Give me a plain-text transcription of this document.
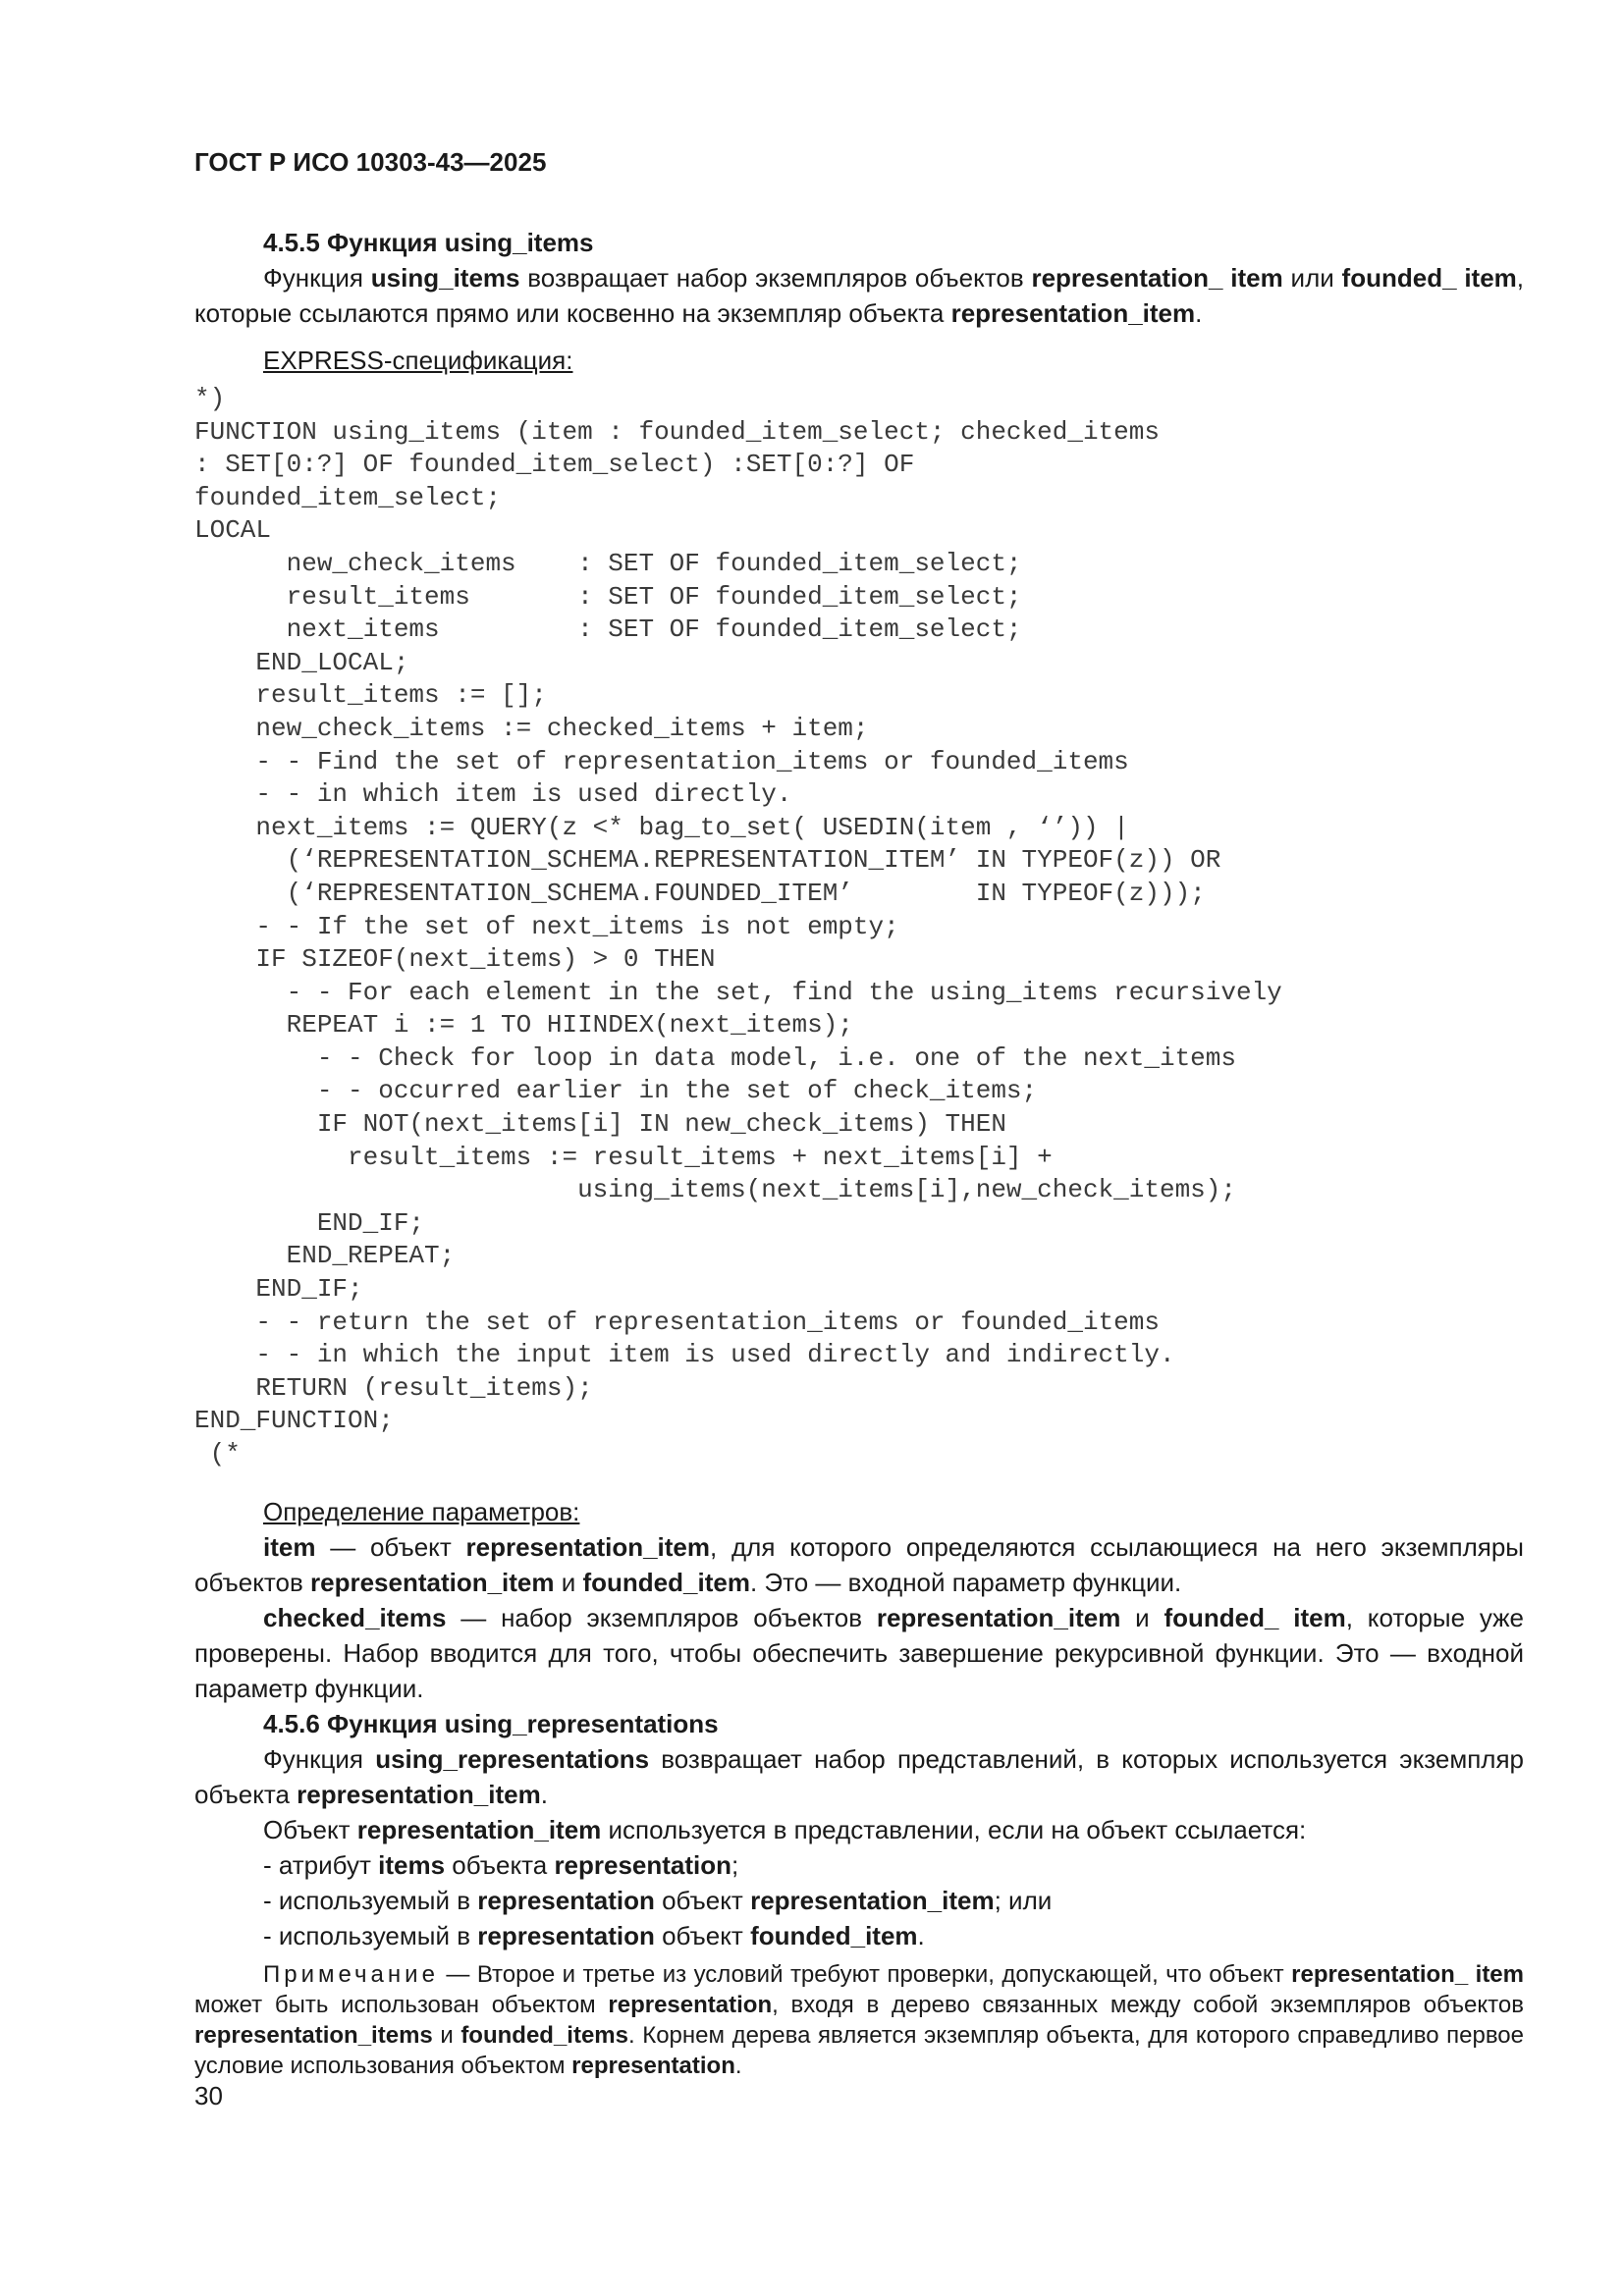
ГОСТ Р ИСО 10303-43—2025

4.5.5 Функция using_items

Функция using_items возвращает набор экземпляров объектов representation_ item или founded_ item, которые ссылаются прямо или косвенно на экземпляр объекта representation_item.

EXPRESS-спецификация:

*)
FUNCTION using_items (item : founded_item_select; checked_items
: SET[0:?] OF founded_item_select) :SET[0:?] OF
founded_item_select;
LOCAL
new_check_items    : SET OF founded_item_select;
result_items       : SET OF founded_item_select;
next_items         : SET OF founded_item_select;
END_LOCAL;
result_items := [];
new_check_items := checked_items + item;
- - Find the set of representation_items or founded_items
- - in which item is used directly.
next_items := QUERY(z <* bag_to_set( USEDIN(item , ‘’)) |
(‘REPRESENTATION_SCHEMA.REPRESENTATION_ITEM’ IN TYPEOF(z)) OR
(‘REPRESENTATION_SCHEMA.FOUNDED_ITEM’        IN TYPEOF(z)));
- - If the set of next_items is not empty;
IF SIZEOF(next_items) > 0 THEN
- - For each element in the set, find the using_items recursively
REPEAT i := 1 TO HIINDEX(next_items);
- - Check for loop in data model, i.e. one of the next_items
- - occurred earlier in the set of check_items;
IF NOT(next_items[i] IN new_check_items) THEN
result_items := result_items + next_items[i] +
using_items(next_items[i],new_check_items);
END_IF;
END_REPEAT;
END_IF;
- - return the set of representation_items or founded_items
- - in which the input item is used directly and indirectly.
RETURN (result_items);
END_FUNCTION;
(*

Определение параметров:

item — объект representation_item, для которого определяются ссылающиеся на него экземпляры объектов representation_item и founded_item. Это — входной параметр функции.

checked_items — набор экземпляров объектов representation_item и founded_ item, которые уже проверены. Набор вводится для того, чтобы обеспечить завершение рекурсивной функции. Это — входной параметр функции.

4.5.6 Функция using_representations

Функция using_representations возвращает набор представлений, в которых используется экземпляр объекта representation_item.

Объект representation_item используется в представлении, если на объект ссылается:

- атрибут items объекта representation;
- используемый в representation объект representation_item; или
- используемый в representation объект founded_item.

Примечание — Второе и третье из условий требуют проверки, допускающей, что объект representation_ item может быть использован объектом representation, входя в дерево связанных между собой экземпляров объектов representation_items и founded_items. Корнем дерева является экземпляр объекта, для которого справедливо первое условие использования объектом representation.

30
